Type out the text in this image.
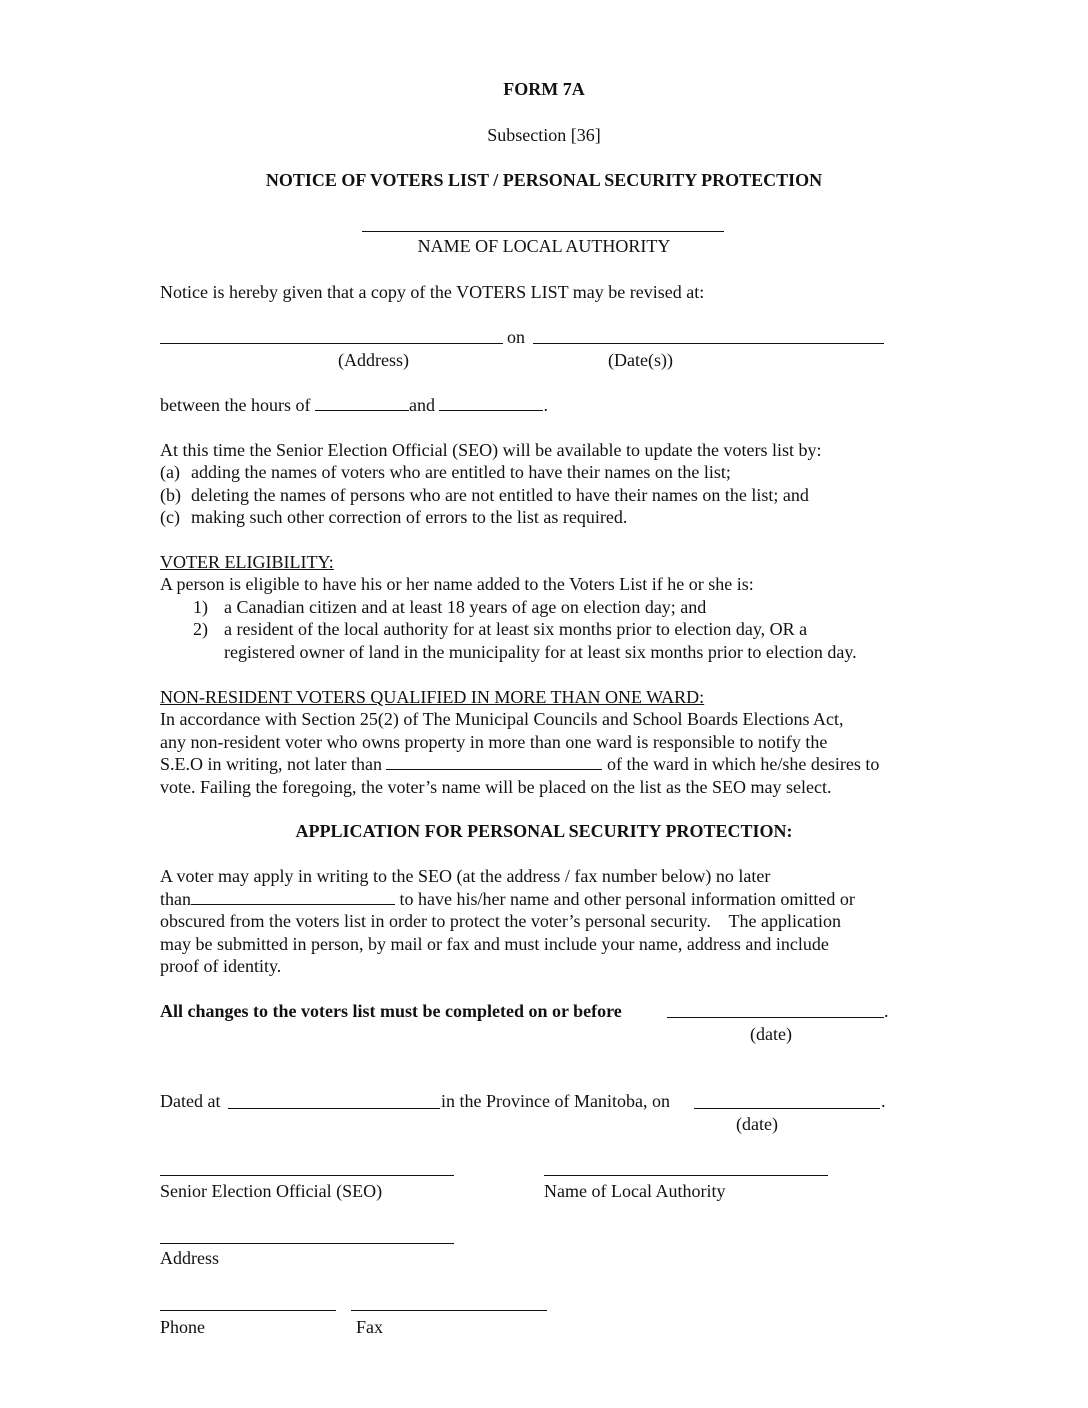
FORM 7A
Subsection [36]
NOTICE OF VOTERS LIST / PERSONAL SECURITY PROTECTION
NAME OF LOCAL AUTHORITY
Notice is hereby given that a copy of the VOTERS LIST may be revised at:
on
(Address)	(Date(s))
between the hours of	and	.
At this time the Senior Election Official (SEO) will be available to update the voters list by:
(a) adding the names of voters who are entitled to have their names on the list;
(b) deleting the names of persons who are not entitled to have their names on the list; and
(c) making such other correction of errors to the list as required.
VOTER ELIGIBILITY:
A person is eligible to have his or her name added to the Voters List if he or she is:
1) a Canadian citizen and at least 18 years of age on election day; and
2) a resident of the local authority for at least six months prior to election day, OR a
registered owner of land in the municipality for at least six months prior to election day.
NON-RESIDENT VOTERS QUALIFIED IN MORE THAN ONE WARD:
In accordance with Section 25(2) of The Municipal Councils and School Boards Elections Act,
any non-resident voter who owns property in more than one ward is responsible to notify the
S.E.O in writing, not later than	of the ward in which he/she desires to
vote. Failing the foregoing, the voter’s name will be placed on the list as the SEO may select.
APPLICATION FOR PERSONAL SECURITY PROTECTION:
A voter may apply in writing to the SEO (at the address / fax number below) no later
than	to have his/her name and other personal information omitted or
obscured from the voters list in order to protect the voter’s personal security.    The application
may be submitted in person, by mail or fax and must include your name, address and include
proof of identity.
All changes to the voters list must be completed on or before	.
(date)
Dated at	in the Province of Manitoba, on	.
(date)
Senior Election Official (SEO)	Name of Local Authority
Address
Phone	Fax
